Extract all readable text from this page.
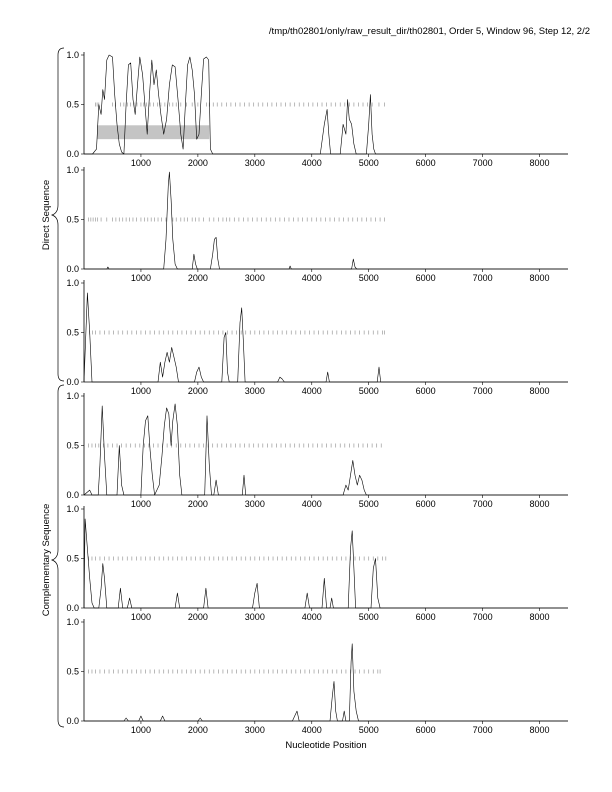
/tmp/th02801/only/raw_result_dir/th02801, Order 5, Window 96, Step 12, 2/2
0.0
0.5
1.0
1000	2000	3000	4000	5000	6000	7000	8000
0.0
0.5
1.0
1000	2000	3000	4000	5000	6000	7000	8000
0.0
0.5
1.0
1000	2000	3000	4000	5000	6000	7000	8000
0.0
0.5
1.0
1000	2000	3000	4000	5000	6000	7000	8000
0.0
0.5
1.0
1000	2000	3000	4000	5000	6000	7000	8000
0.0
0.5
1.0
1000	2000	3000	4000	5000	6000	7000	8000
Direct Sequence
Complementary Sequence
Nucleotide Position
